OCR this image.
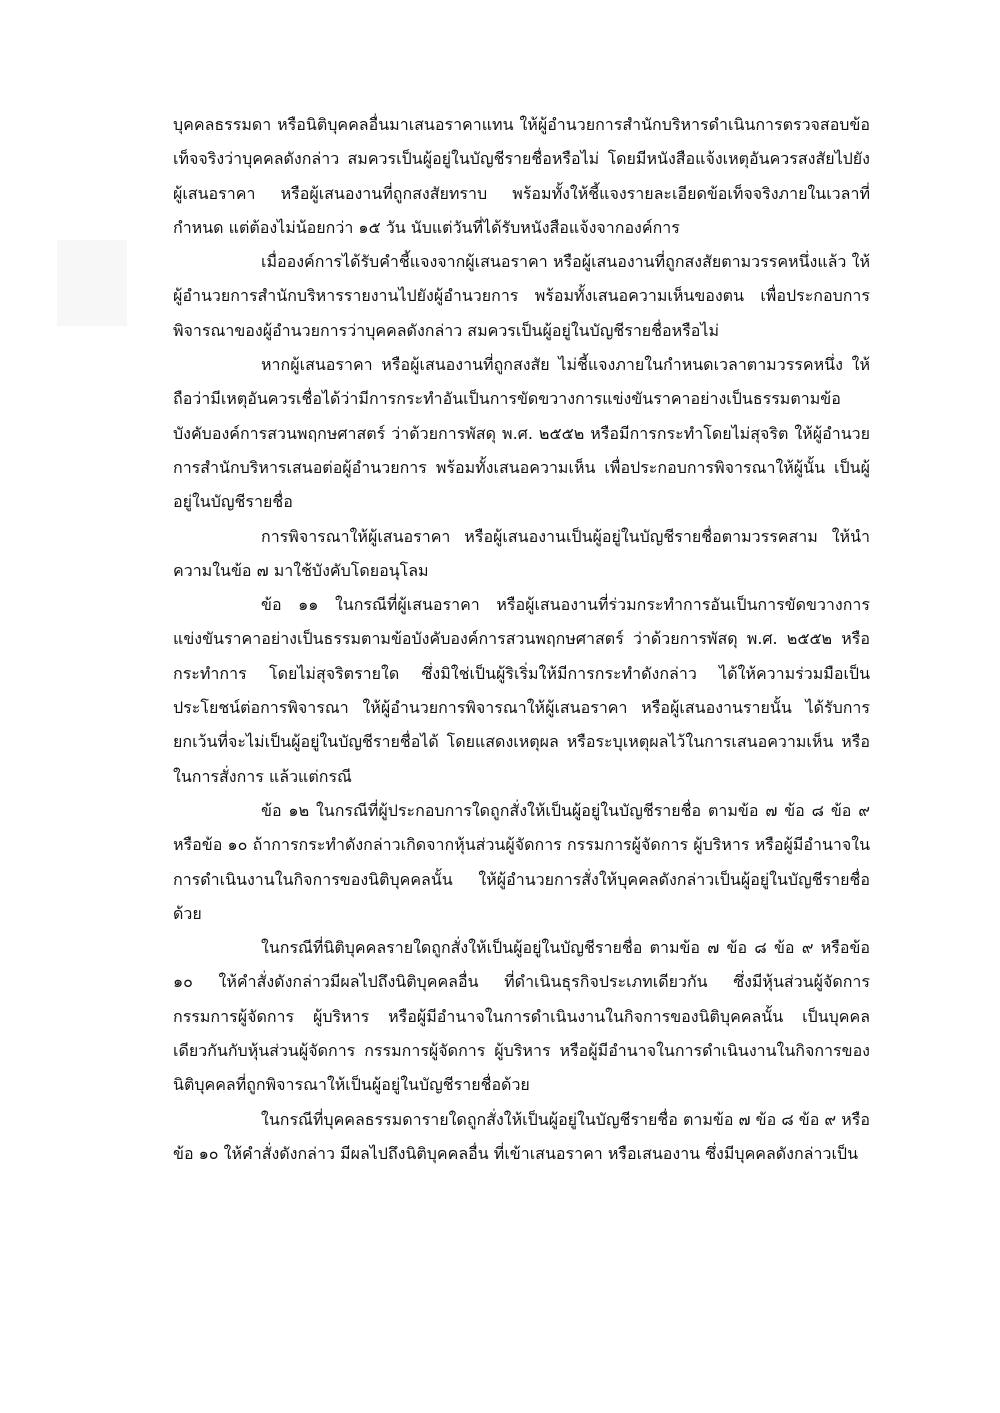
บุคคลธรรมดา หรือนิติบุคคลอื่นมาเสนอราคาแทน ให้ผู้อำนวยการสำนักบริหารดำเนินการตรวจสอบข้อเท็จจริงว่าบุคคลดังกล่าว สมควรเป็นผู้อยู่ในบัญชีรายชื่อหรือไม่ โดยมีหนังสือแจ้งเหตุอันควรสงสัยไปยังผู้เสนอราคา หรือผู้เสนองานที่ถูกสงสัยทราบ พร้อมทั้งให้ชี้แจงรายละเอียดข้อเท็จจริงภายในเวลาที่กำหนด แต่ต้องไม่น้อยกว่า ๑๕ วัน นับแต่วันที่ได้รับหนังสือแจ้งจากองค์การ

เมื่อองค์การได้รับคำชี้แจงจากผู้เสนอราคา หรือผู้เสนองานที่ถูกสงสัยตามวรรคหนึ่งแล้ว ให้ผู้อำนวยการสำนักบริหารรายงานไปยังผู้อำนวยการ พร้อมทั้งเสนอความเห็นของตน เพื่อประกอบการพิจารณาของผู้อำนวยการว่าบุคคลดังกล่าว สมควรเป็นผู้อยู่ในบัญชีรายชื่อหรือไม่

หากผู้เสนอราคา หรือผู้เสนองานที่ถูกสงสัย ไม่ชี้แจงภายในกำหนดเวลาตามวรรคหนึ่ง ให้ถือว่ามีเหตุอันควรเชื่อได้ว่ามีการกระทำอันเป็นการขัดขวางการแข่งขันราคาอย่างเป็นธรรมตามข้อบังคับองค์การสวนพฤกษศาสตร์ ว่าด้วยการพัสดุ พ.ศ. ๒๕๕๒ หรือมีการกระทำโดยไม่สุจริต ให้ผู้อำนวยการสำนักบริหารเสนอต่อผู้อำนวยการ พร้อมทั้งเสนอความเห็น เพื่อประกอบการพิจารณาให้ผู้นั้น เป็นผู้อยู่ในบัญชีรายชื่อ

การพิจารณาให้ผู้เสนอราคา หรือผู้เสนองานเป็นผู้อยู่ในบัญชีรายชื่อตามวรรคสาม ให้นำความในข้อ ๗ มาใช้บังคับโดยอนุโลม

ข้อ ๑๑ ในกรณีที่ผู้เสนอราคา หรือผู้เสนองานที่ร่วมกระทำการอันเป็นการขัดขวางการแข่งขันราคาอย่างเป็นธรรมตามข้อบังคับองค์การสวนพฤกษศาสตร์ ว่าด้วยการพัสดุ พ.ศ. ๒๕๕๒ หรือกระทำการ โดยไม่สุจริตรายใด ซึ่งมิใช่เป็นผู้ริเริ่มให้มีการกระทำดังกล่าว ได้ให้ความร่วมมือเป็นประโยชน์ต่อการพิจารณา ให้ผู้อำนวยการพิจารณาให้ผู้เสนอราคา หรือผู้เสนองานรายนั้น ได้รับการยกเว้นที่จะไม่เป็นผู้อยู่ในบัญชีรายชื่อได้ โดยแสดงเหตุผล หรือระบุเหตุผลไว้ในการเสนอความเห็น หรือในการสั่งการ แล้วแต่กรณี

ข้อ ๑๒ ในกรณีที่ผู้ประกอบการใดถูกสั่งให้เป็นผู้อยู่ในบัญชีรายชื่อ ตามข้อ ๗ ข้อ ๘ ข้อ ๙ หรือข้อ ๑๐ ถ้าการกระทำดังกล่าวเกิดจากหุ้นส่วนผู้จัดการ กรรมการผู้จัดการ ผู้บริหาร หรือผู้มีอำนาจในการดำเนินงานในกิจการของนิติบุคคลนั้น ให้ผู้อำนวยการสั่งให้บุคคลดังกล่าวเป็นผู้อยู่ในบัญชีรายชื่อด้วย

ในกรณีที่นิติบุคคลรายใดถูกสั่งให้เป็นผู้อยู่ในบัญชีรายชื่อ ตามข้อ ๗ ข้อ ๘ ข้อ ๙ หรือข้อ ๑๐ ให้คำสั่งดังกล่าวมีผลไปถึงนิติบุคคลอื่น ที่ดำเนินธุรกิจประเภทเดียวกัน ซึ่งมีหุ้นส่วนผู้จัดการกรรมการผู้จัดการ ผู้บริหาร หรือผู้มีอำนาจในการดำเนินงานในกิจการของนิติบุคคลนั้น เป็นบุคคลเดียวกันกับหุ้นส่วนผู้จัดการ กรรมการผู้จัดการ ผู้บริหาร หรือผู้มีอำนาจในการดำเนินงานในกิจการของนิติบุคคลที่ถูกพิจารณาให้เป็นผู้อยู่ในบัญชีรายชื่อด้วย

ในกรณีที่บุคคลธรรมดารายใดถูกสั่งให้เป็นผู้อยู่ในบัญชีรายชื่อ ตามข้อ ๗ ข้อ ๘ ข้อ ๙ หรือข้อ ๑๐ ให้คำสั่งดังกล่าว มีผลไปถึงนิติบุคคลอื่น ที่เข้าเสนอราคา หรือเสนองาน ซึ่งมีบุคคลดังกล่าวเป็น
